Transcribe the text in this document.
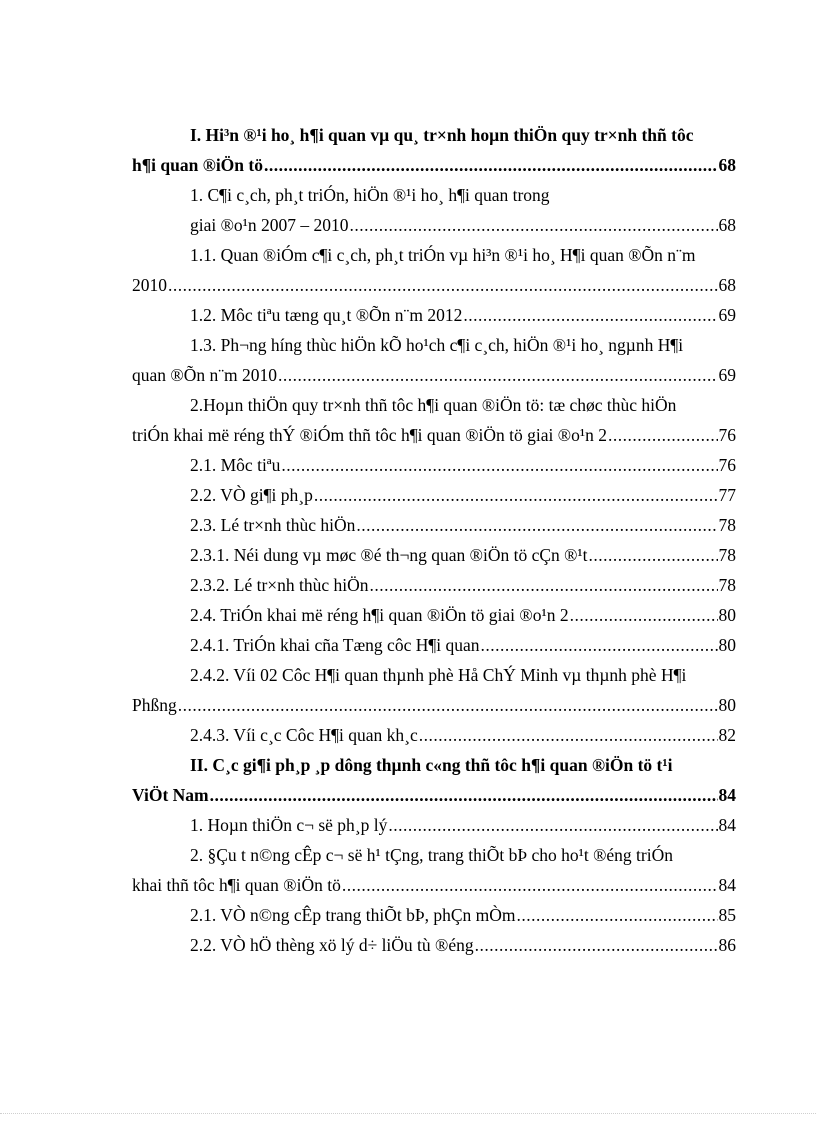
I. Hi³n ®¹i ho¸ h¶i quan vµ qu¸ tr×nh hoµn thiÖn quy tr×nh thñ tôc
h¶i quan ®iÖn tö .....	68
1. C¶i c¸ch, ph¸t triÓn, hiÖn ®¹i ho¸ h¶i quan trong
giai ®o¹n 2007 – 2010 .....	68
1.1. Quan ®iÓm c¶i c¸ch, ph¸t triÓn vµ hi³n ®¹i ho¸ H¶i quan ®Õn n¨m
2010 .....	68
1.2. Môc tiªu tæng qu¸t ®Õn n¨m 2012 .....	69
1.3. Ph¬ng híng thùc hiÖn kÕ ho¹ch c¶i c¸ch, hiÖn ®¹i ho¸ ngµnh H¶i
quan ®Õn n¨m 2010 .....	69
2.Hoµn thiÖn quy tr×nh thñ tôc h¶i quan ®iÖn tö: tæ chøc thùc hiÖn
triÓn khai më réng thÝ ®iÓm thñ tôc h¶i quan ®iÖn tö giai ®o¹n 2 .....	76
2.1. Môc tiªu .....	76
2.2. VÒ gi¶i ph¸p .....	77
2.3. Lé tr×nh thùc hiÖn .....	78
2.3.1. Néi dung vµ møc ®é th¬ng quan ®iÖn tö cÇn ®¹t .....	78
2.3.2. Lé tr×nh thùc hiÖn .....	78
2.4. TriÓn khai më réng h¶i quan ®iÖn tö giai ®o¹n 2 .....	80
2.4.1. TriÓn khai cña Tæng côc H¶i quan .....	80
2.4.2. Víi 02 Côc H¶i quan thµnh phè Hå ChÝ Minh vµ thµnh phè H¶i
Phßng .....	80
2.4.3. Víi c¸c Côc H¶i quan kh¸c .....	82
II. C¸c gi¶i ph¸p ¸p dông thµnh c«ng thñ tôc h¶i quan ®iÖn tö t¹i
ViÖt Nam .....	84
1. Hoµn thiÖn c¬ së ph¸p lý .....	84
2. §Çu t n©ng cÊp c¬ së h¹ tÇng, trang thiÕt bÞ cho ho¹t ®éng triÓn
khai thñ tôc h¶i quan ®iÖn tö .....	84
2.1. VÒ n©ng cÊp trang thiÕt bÞ, phÇn mÒm .....	85
2.2. VÒ hÖ thèng xö lý d÷ liÖu tù ®éng .....	86
